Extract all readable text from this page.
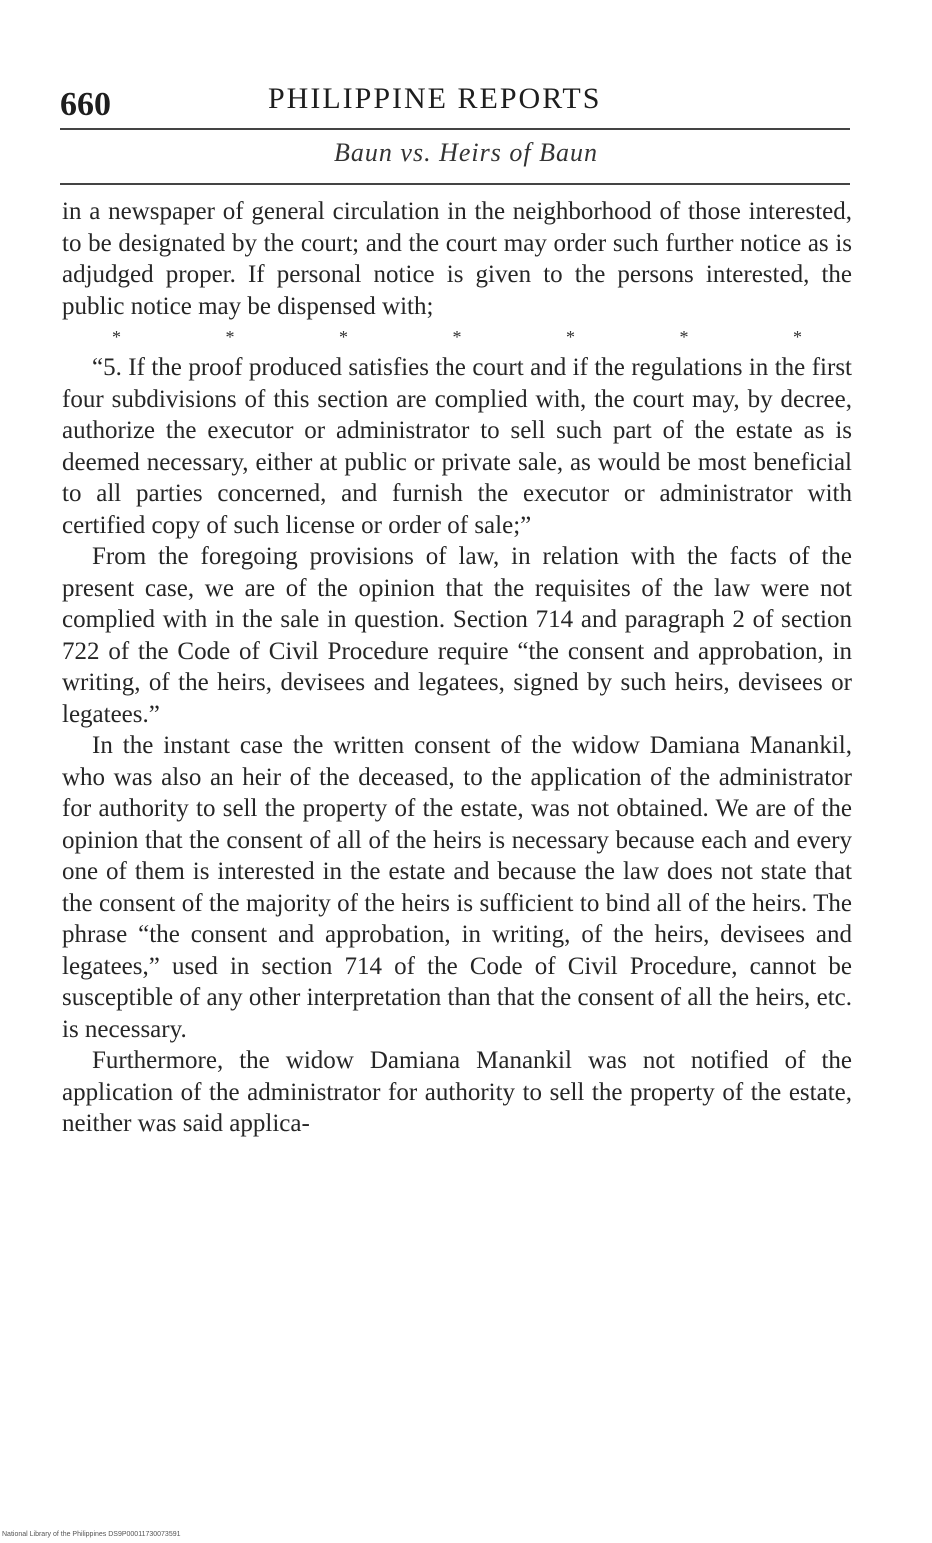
660	PHILIPPINE REPORTS
Baun vs. Heirs of Baun

in a newspaper of general circulation in the neighborhood of those interested, to be designated by the court; and the court may order such further notice as is adjudged proper. If personal notice is given to the persons interested, the public notice may be dispensed with;

*	*	*	*	*	*	*

“5. If the proof produced satisfies the court and if the regulations in the first four subdivisions of this section are complied with, the court may, by decree, authorize the executor or administrator to sell such part of the estate as is deemed necessary, either at public or private sale, as would be most beneficial to all parties concerned, and furnish the executor or administrator with certified copy of such license or order of sale;”

From the foregoing provisions of law, in relation with the facts of the present case, we are of the opinion that the requisites of the law were not complied with in the sale in question. Section 714 and paragraph 2 of section 722 of the Code of Civil Procedure require “the consent and approbation, in writing, of the heirs, devisees and legatees, signed by such heirs, devisees or legatees.”

In the instant case the written consent of the widow Damiana Manankil, who was also an heir of the deceased, to the application of the administrator for authority to sell the property of the estate, was not obtained. We are of the opinion that the consent of all of the heirs is necessary because each and every one of them is interested in the estate and because the law does not state that the consent of the majority of the heirs is sufficient to bind all of the heirs. The phrase “the consent and approbation, in writing, of the heirs, devisees and legatees,” used in section 714 of the Code of Civil Procedure, cannot be susceptible of any other interpretation than that the consent of all the heirs, etc. is necessary.

Furthermore, the widow Damiana Manankil was not notified of the application of the administrator for authority to sell the property of the estate, neither was said applica-

National Library of the Philippines DS9P00011730073591
